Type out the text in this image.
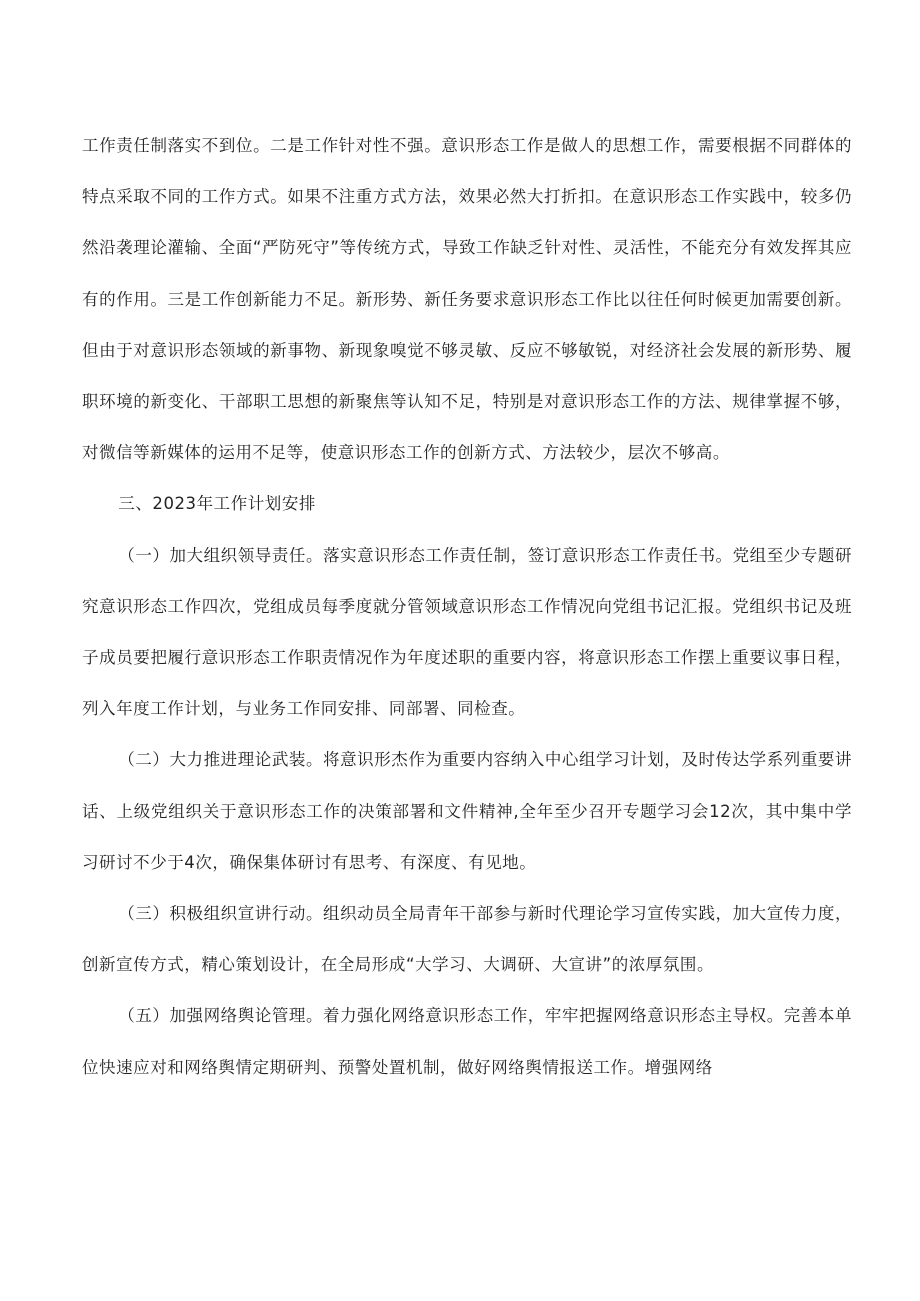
工作责任制落实不到位。二是工作针对性不强。意识形态工作是做人的思想工作，需要根据不同群体的特点采取不同的工作方式。如果不注重方式方法，效果必然大打折扣。在意识形态工作实践中，较多仍然沿袭理论灌输、全面“严防死守”等传统方式，导致工作缺乏针对性、灵活性，不能充分有效发挥其应有的作用。三是工作创新能力不足。新形势、新任务要求意识形态工作比以往任何时候更加需要创新。但由于对意识形态领域的新事物、新现象嗅觉不够灵敏、反应不够敏锐，对经济社会发展的新形势、履职环境的新变化、干部职工思想的新聚焦等认知不足，特别是对意识形态工作的方法、规律掌握不够，对微信等新媒体的运用不足等，使意识形态工作的创新方式、方法较少，层次不够高。

三、2023年工作计划安排

（一）加大组织领导责任。落实意识形态工作责任制，签订意识形态工作责任书。党组至少专题研究意识形态工作四次，党组成员每季度就分管领域意识形态工作情况向党组书记汇报。党组织书记及班子成员要把履行意识形态工作职责情况作为年度述职的重要内容，将意识形态工作摆上重要议事日程，列入年度工作计划，与业务工作同安排、同部署、同检查。

（二）大力推进理论武装。将意识形杰作为重要内容纳入中心组学习计划，及时传达学系列重要讲话、上级党组织关于意识形态工作的决策部署和文件精神,全年至少召开专题学习会12次，其中集中学习研讨不少于4次，确保集体研讨有思考、有深度、有见地。

（三）积极组织宣讲行动。组织动员全局青年干部参与新时代理论学习宣传实践，加大宣传力度，创新宣传方式，精心策划设计，在全局形成“大学习、大调研、大宣讲”的浓厚氛围。

（五）加强网络舆论管理。着力强化网络意识形态工作，牢牢把握网络意识形态主导权。完善本单位快速应对和网络舆情定期研判、预警处置机制，做好网络舆情报送工作。增强网络
